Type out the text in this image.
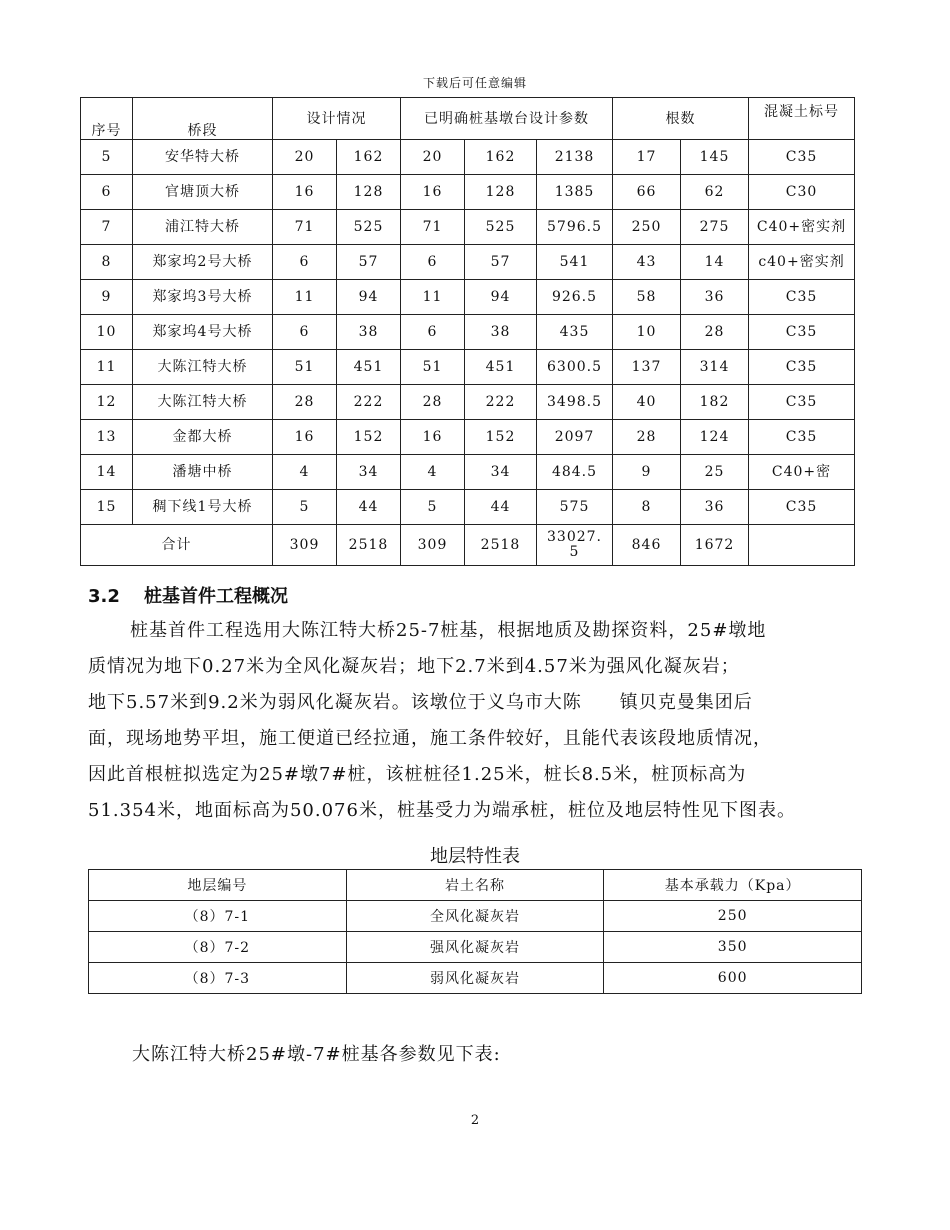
下载后可任意编辑
序号	桥段	设计情况		已明确桩基墩台设计参数			根数		混凝土标号
5	安华特大桥	20	162	20	162	2138	17	145	C35
6	官塘顶大桥	16	128	16	128	1385	66	62	C30
7	浦江特大桥	71	525	71	525	5796.5	250	275	C40+密实剂
8	郑家坞2号大桥	6	57	6	57	541	43	14	c40+密实剂
9	郑家坞3号大桥	11	94	11	94	926.5	58	36	C35
10	郑家坞4号大桥	6	38	6	38	435	10	28	C35
11	大陈江特大桥	51	451	51	451	6300.5	137	314	C35
12	大陈江特大桥	28	222	28	222	3498.5	40	182	C35
13	金都大桥	16	152	16	152	2097	28	124	C35
14	潘塘中桥	4	34	4	34	484.5	9	25	C40+密
15	稠下线1号大桥	5	44	5	44	575	8	36	C35
合计		309	2518	309	2518	33027.5	846	1672	
3.2 桩基首件工程概况

桩基首件工程选用大陈江特大桥25-7桩基，根据地质及勘探资料，25#墩地

质情况为地下0.27米为全风化凝灰岩；地下2.7米到4.57米为强风化凝灰岩；

地下5.57米到9.2米为弱风化凝灰岩。该墩位于义乌市大陈　　镇贝克曼集团后

面，现场地势平坦，施工便道已经拉通，施工条件较好，且能代表该段地质情况，

因此首根桩拟选定为25#墩7#桩，该桩桩径1.25米，桩长8.5米，桩顶标高为

51.354米，地面标高为50.076米，桩基受力为端承桩，桩位及地层特性见下图表。

地层特性表
地层编号	岩土名称	基本承载力（Kpa）
（8）7-1	全风化凝灰岩	250
（8）7-2	强风化凝灰岩	350
（8）7-3	弱风化凝灰岩	600
大陈江特大桥25#墩-7#桩基各参数见下表:
2
